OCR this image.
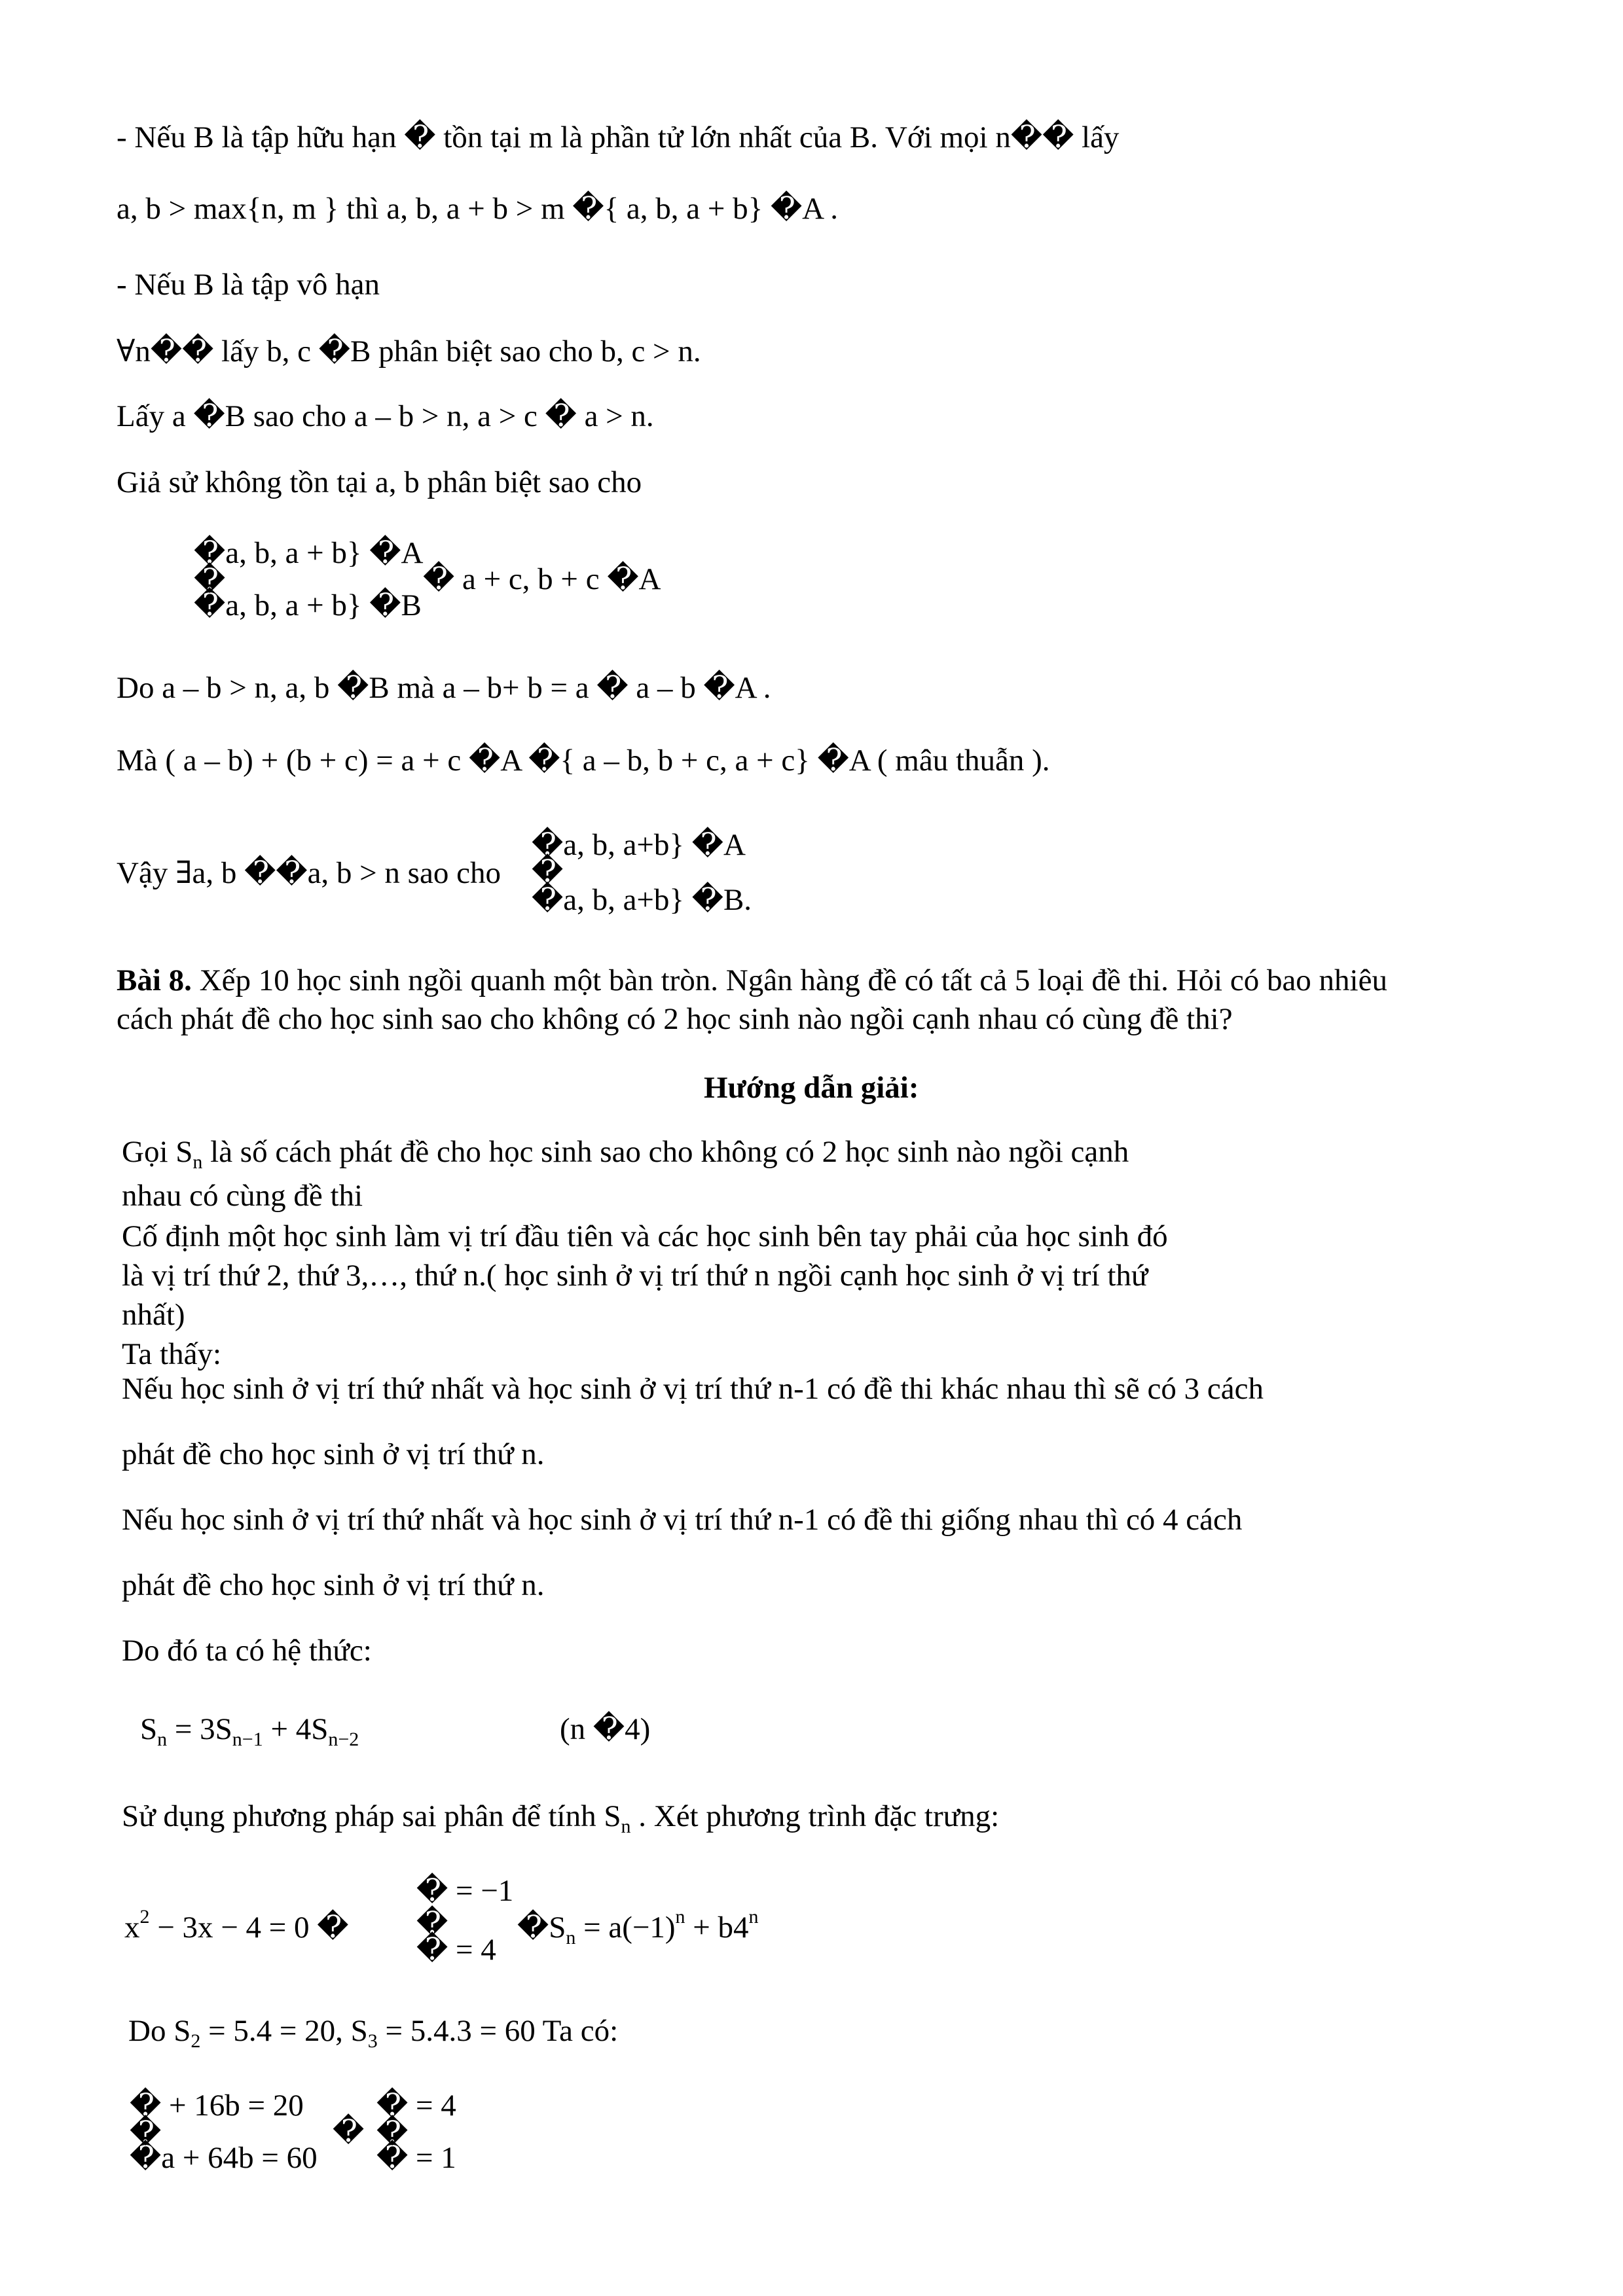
- Nếu B là tập hữu hạn � tồn tại m là phần tử lớn nhất của B. Với mọi n�� lấy
a, b > max{n, m } thì a, b, a + b > m �{ a, b, a + b} �A .
- Nếu B là tập vô hạn
∀n�� lấy b, c �B phân biệt sao cho b, c > n.
Lấy a �B sao cho a – b > n, a > c � a > n.
Giả sử không tồn tại a, b phân biệt sao cho
�a, b, a + b} �A
�
�a, b, a + b} �B
� a + c, b + c �A
Do a – b > n, a, b �B mà a – b+ b = a � a – b �A .
Mà ( a – b) + (b + c) = a + c �A �{ a – b, b + c, a + c} �A ( mâu thuẫn ).
Vậy ∃a, b ��a, b > n sao cho
�a, b, a+b} �A
�
�a, b, a+b} �B.
Bài 8. Xếp 10 học sinh ngồi quanh một bàn tròn. Ngân hàng đề có tất cả 5 loại đề thi. Hỏi có bao nhiêu
cách phát đề cho học sinh sao cho không có 2 học sinh nào ngồi cạnh nhau có cùng đề thi?
Hướng dẫn giải:
Gọi $S_n$ là số cách phát đề cho học sinh sao cho không có 2 học sinh nào ngồi cạnh
nhau có cùng đề thi
Cố định một học sinh làm vị trí đầu tiên và các học sinh bên tay phải của học sinh đó
là vị trí thứ 2, thứ 3,…, thứ n.( học sinh ở vị trí thứ n ngồi cạnh học sinh ở vị trí thứ
nhất)
Ta thấy:
Nếu học sinh ở vị trí thứ nhất và học sinh ở vị trí thứ n-1 có đề thi khác nhau thì sẽ có 3 cách
phát đề cho học sinh ở vị trí thứ n.
Nếu học sinh ở vị trí thứ nhất và học sinh ở vị trí thứ n-1 có đề thi giống nhau thì có 4 cách
phát đề cho học sinh ở vị trí thứ n.
Do đó ta có hệ thức:
$S_n = 3S_{n-1} + 4S_{n-2}$	(n �4)
Sử dụng phương pháp sai phân để tính $S_n$ . Xét phương trình đặc trưng:
$x^2 - 3x - 4 = 0$ �
� = −1
�
� = 4
$�S_n = a(-1)^n + b4^n$
Do $S_2 = 5.4 = 20$, $S_3 = 5.4.3 = 60$ Ta có:
� + 16b = 20
�
�a + 64b = 60
�
� = 4
�
� = 1
